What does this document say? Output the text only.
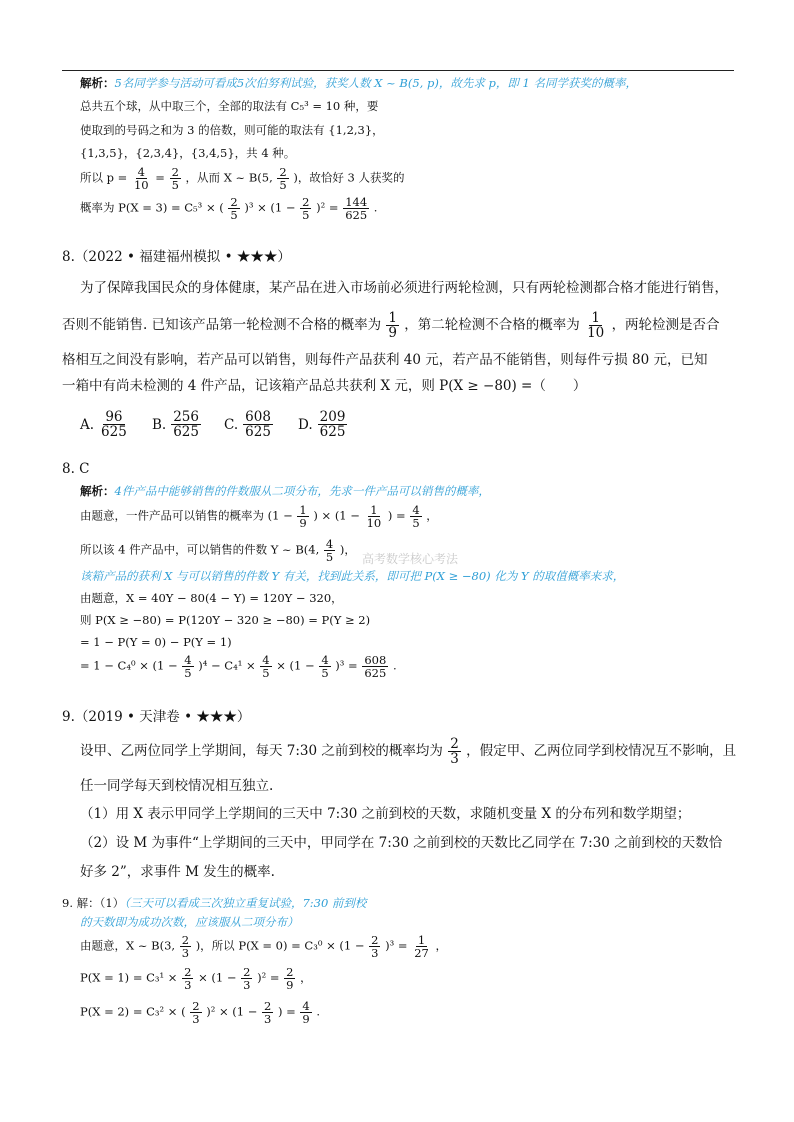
解析：5名同学参与活动可看成5次伯努利试验，获奖人数 X ~ B(5, p)，故先求 p，即 1 名同学获奖的概率，
总共五个球，从中取三个，全部的取法有 C₅³ = 10 种，要
使取到的号码之和为 3 的倍数，则可能的取法有 {1,2,3}，
{1,3,5}，{2,3,4}，{3,4,5}，共 4 种。
所以 $p = \frac{4}{10} = \frac{2}{5}$ ，从而 X ~ B(5, $\frac{2}{5}$ )，故恰好 3 人获奖的
概率为 P(X = 3) = C₅³ × ( $\frac{2}{5} )^3 \times (1 - \frac{2}{5} )^2 = \frac{144}{625}$ .
8.（2022 • 福建福州模拟 • ★★★）
为了保障我国民众的身体健康，某产品在进入市场前必须进行两轮检测，只有两轮检测都合格才能进行销售，
否则不能销售. 已知该产品第一轮检测不合格的概率为 $\frac{1}{9}$ ，第二轮检测不合格的概率为 $\frac{1}{10}$ ，两轮检测是否合
格相互之间没有影响，若产品可以销售，则每件产品获利 40 元，若产品不能销售，则每件亏损 80 元，已知
一箱中有尚未检测的 4 件产品，记该箱产品总共获利 X 元，则 P(X ≥ −80) =（　　）
A. $\frac{96}{625} B$. $\frac{256}{625} C$. $\frac{608}{625} D$. $\frac{209}{625}$
8. C
解析：4件产品中能够销售的件数服从二项分布，先求一件产品可以销售的概率，
由题意，一件产品可以销售的概率为 ($1 - \frac{1}{9}$ ) × ($1 - \frac{1}{10}$ ) = $\frac{4}{5}$ ，
所以该 4 件产品中，可以销售的件数 Y ~ B(4, $\frac{4}{5}$ )，
高考数学核心考法
该箱产品的获利 X 与可以销售的件数 Y 有关，找到此关系，即可把 P(X ≥ −80) 化为 Y 的取值概率来求，
由题意，X = 40Y − 80(4 − Y) = 120Y − 320，
则 P(X ≥ −80) = P(120Y − 320 ≥ −80) = P(Y ≥ 2)
= 1 − P(Y = 0) − P(Y = 1)
= $1 - C_4^0 \times (1 - \frac{4}{5} )^4 - C_4^1 \times \frac{4}{5} \times (1 - \frac{4}{5} )^3 = \frac{608}{625}$ .
9.（2019 • 天津卷 • ★★★）
设甲、乙两位同学上学期间，每天 7:30 之前到校的概率均为 $\frac{2}{3}$ ，假定甲、乙两位同学到校情况互不影响，且
任一同学每天到校情况相互独立.
（1）用 X 表示甲同学上学期间的三天中 7:30 之前到校的天数，求随机变量 X 的分布列和数学期望；
（2）设 M 为事件“上学期间的三天中，甲同学在 7:30 之前到校的天数比乙同学在 7:30 之前到校的天数恰
好多 2”，求事件 M 发生的概率.
9. 解：（1）（三天可以看成三次独立重复试验，7:30 前到校
的天数即为成功次数，应该服从二项分布）
由题意，X ~ B(3, $\frac{2}{3}$ )，所以 $P(X = 0) = C_3^0 \times (1 - \frac{2}{3} )^3 = \frac{1}{27}$ ，
$P(X = 1) = C_3^1 \times \frac{2}{3} \times (1 - \frac{2}{3} )^2 = \frac{2}{9}$ ，
P(X = 2) = C₃² × ( $\frac{2}{3} )^2 \times (1 - \frac{2}{3}$ ) = $\frac{4}{9}$ .
